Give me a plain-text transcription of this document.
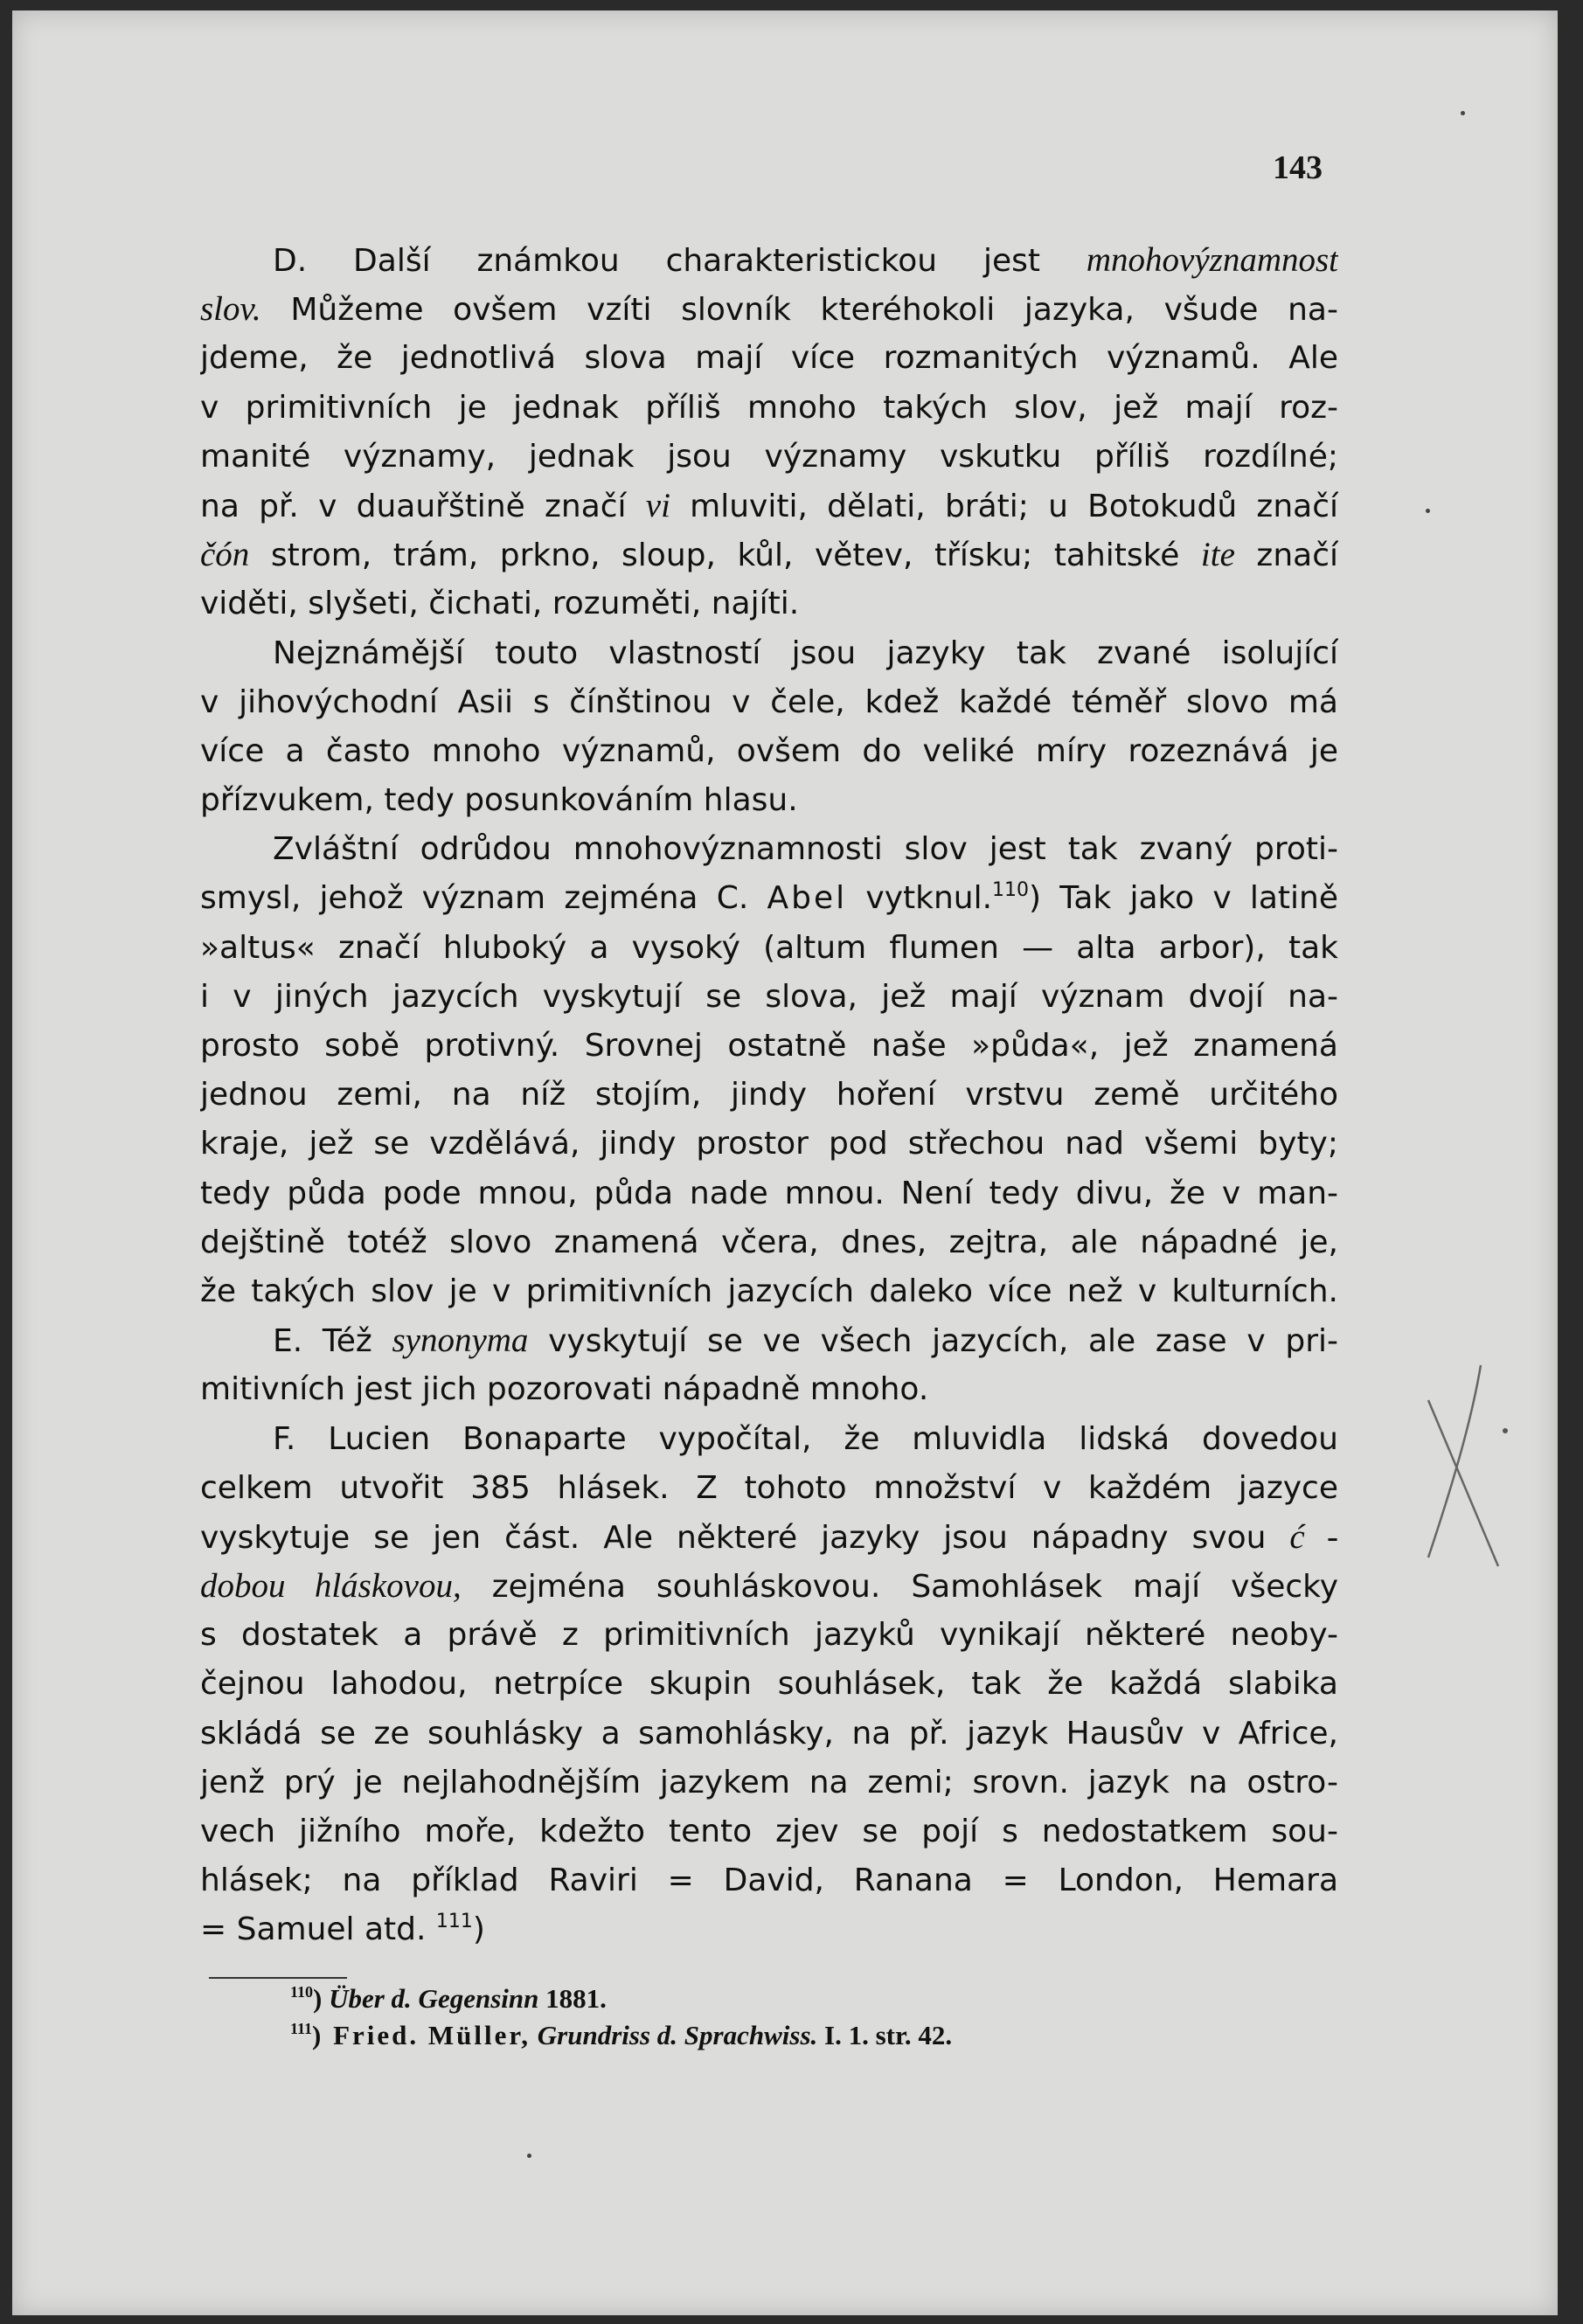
143
D. Další známkou charakteristickou jest mnohovýznamnost
slov. Můžeme ovšem vzíti slovník kteréhokoli jazyka, všude na-
jdeme, že jednotlivá slova mají více rozmanitých významů. Ale
v primitivních je jednak příliš mnoho takých slov, jež mají roz-
manité významy, jednak jsou významy vskutku příliš rozdílné;
na př. v duauřštině značí vi mluviti, dělati, bráti; u Botokudů značí
čón strom, trám, prkno, sloup, kůl, větev, třísku; tahitské ite značí
viděti, slyšeti, čichati, rozuměti, najíti.
Nejznámější touto vlastností jsou jazyky tak zvané isolující
v jihovýchodní Asii s čínštinou v čele, kdež každé téměř slovo má
více a často mnoho významů, ovšem do veliké míry rozeznává je
přízvukem, tedy posunkováním hlasu.
Zvláštní odrůdou mnohovýznamnosti slov jest tak zvaný proti-
smysl, jehož význam zejména C. Abel vytknul.$^{110}$) Tak jako v latině
»altus« značí hluboký a vysoký (altum flumen — alta arbor), tak
i v jiných jazycích vyskytují se slova, jež mají význam dvojí na-
prosto sobě protivný. Srovnej ostatně naše »půda«, jež znamená
jednou zemi, na níž stojím, jindy hoření vrstvu země určitého
kraje, jež se vzdělává, jindy prostor pod střechou nad všemi byty;
tedy půda pode mnou, půda nade mnou. Není tedy divu, že v man-
dejštině totéž slovo znamená včera, dnes, zejtra, ale nápadné je,
že takých slov je v primitivních jazycích daleko více než v kulturních.
E. Též synonyma vyskytují se ve všech jazycích, ale zase v pri-
mitivních jest jich pozorovati nápadně mnoho.
F. Lucien Bonaparte vypočítal, že mluvidla lidská dovedou
celkem utvořit 385 hlásek. Z tohoto množství v každém jazyce
vyskytuje se jen část. Ale některé jazyky jsou nápadny svou ć -
dobou hláskovou, zejména souhláskovou. Samohlásek mají všecky
s dostatek a právě z primitivních jazyků vynikají některé neoby-
čejnou lahodou, netrpíce skupin souhlásek, tak že každá slabika
skládá se ze souhlásky a samohlásky, na př. jazyk Hausův v Africe,
jenž prý je nejlahodnějším jazykem na zemi; srovn. jazyk na ostro-
vech jižního moře, kdežto tento zjev se pojí s nedostatkem sou-
hlásek; na příklad Raviri = David, Ranana = London, Hemara
= Samuel atd. $^{111}$)
$^{110}$) Über d. Gegensinn 1881.
$^{111}$) Fried. Müller, Grundriss d. Sprachwiss. I. 1. str. 42.
